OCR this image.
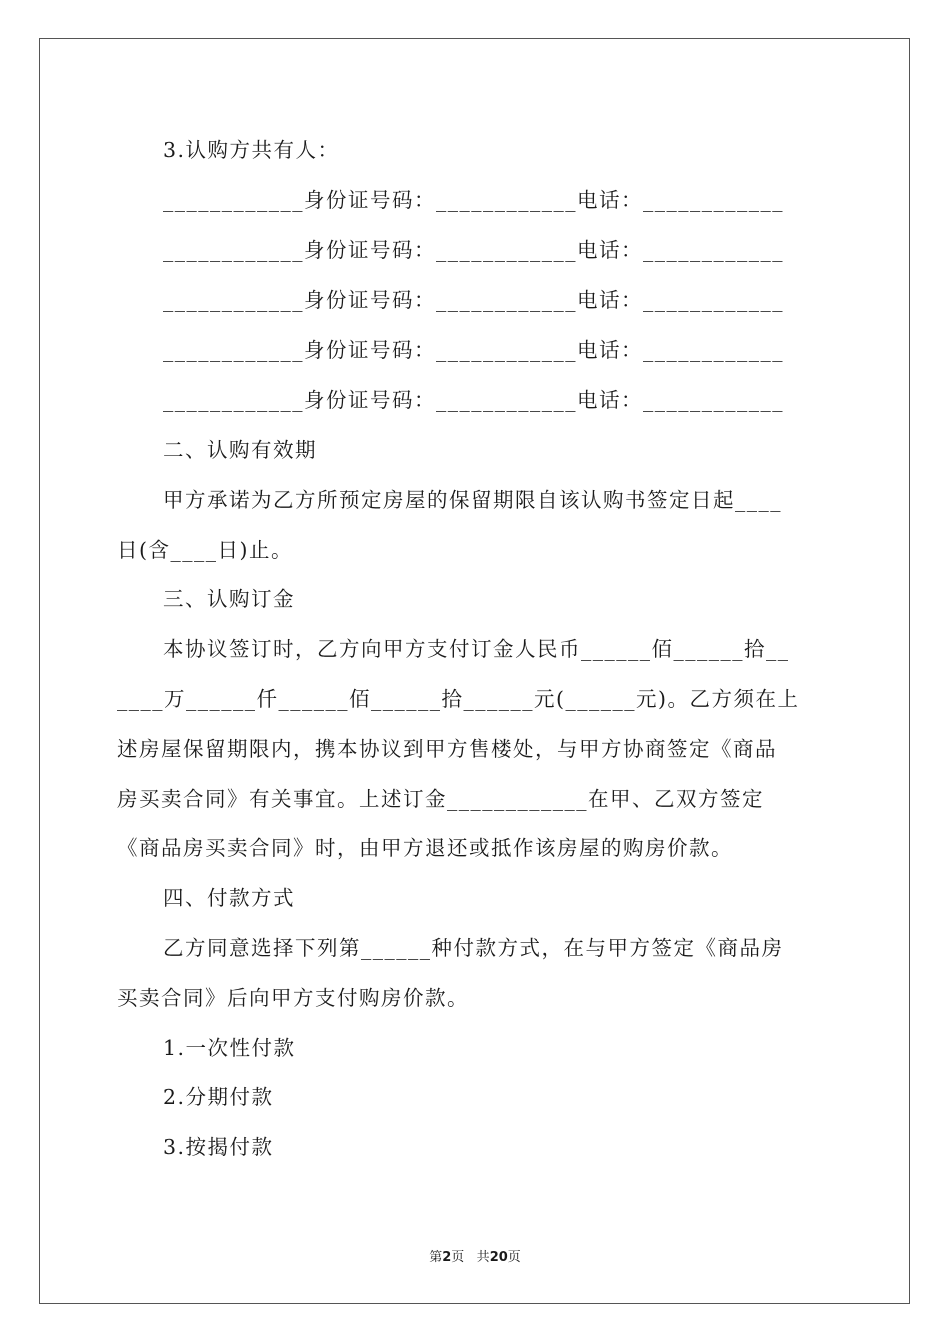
3.认购方共有人：
____________身份证号码：____________电话：____________
____________身份证号码：____________电话：____________
____________身份证号码：____________电话：____________
____________身份证号码：____________电话：____________
____________身份证号码：____________电话：____________
二、认购有效期
甲方承诺为乙方所预定房屋的保留期限自该认购书签定日起____
日(含____日)止。
三、认购订金
本协议签订时，乙方向甲方支付订金人民币______佰______拾__
____万______仟______佰______拾______元(______元)。乙方须在上
述房屋保留期限内，携本协议到甲方售楼处，与甲方协商签定《商品
房买卖合同》有关事宜。上述订金____________在甲、乙双方签定
《商品房买卖合同》时，由甲方退还或抵作该房屋的购房价款。
四、付款方式
乙方同意选择下列第______种付款方式，在与甲方签定《商品房
买卖合同》后向甲方支付购房价款。
1.一次性付款
2.分期付款
3.按揭付款
第2页 共20页
